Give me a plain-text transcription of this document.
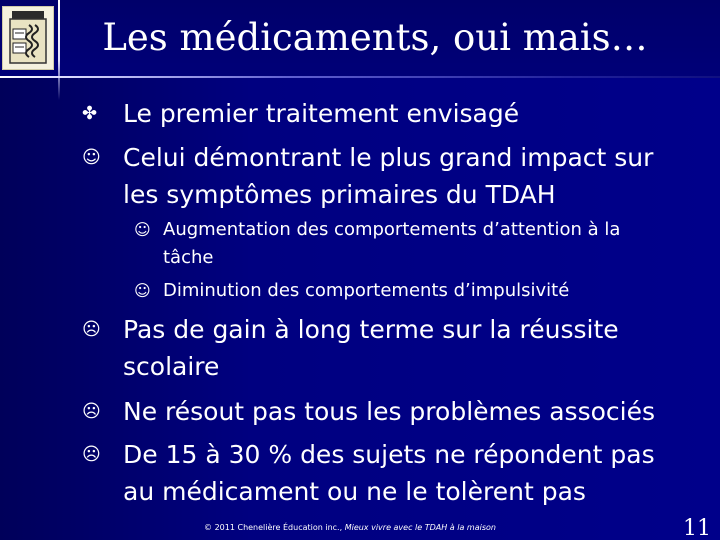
Les médicaments, oui mais…
✤ Le premier traitement envisagé
☺ Celui démontrant le plus grand impact sur
les symptômes primaires du TDAH
☺ Augmentation des comportements d’attention à la
tâche
☺ Diminution des comportements d’impulsivité
☹ Pas de gain à long terme sur la réussite
scolaire
☹ Ne résout pas tous les problèmes associés
☹ De 15 à 30 % des sujets ne répondent pas
au médicament ou ne le tolèrent pas
© 2011 Chenelière Éducation inc., Mieux vivre avec le TDAH à la maison	11
